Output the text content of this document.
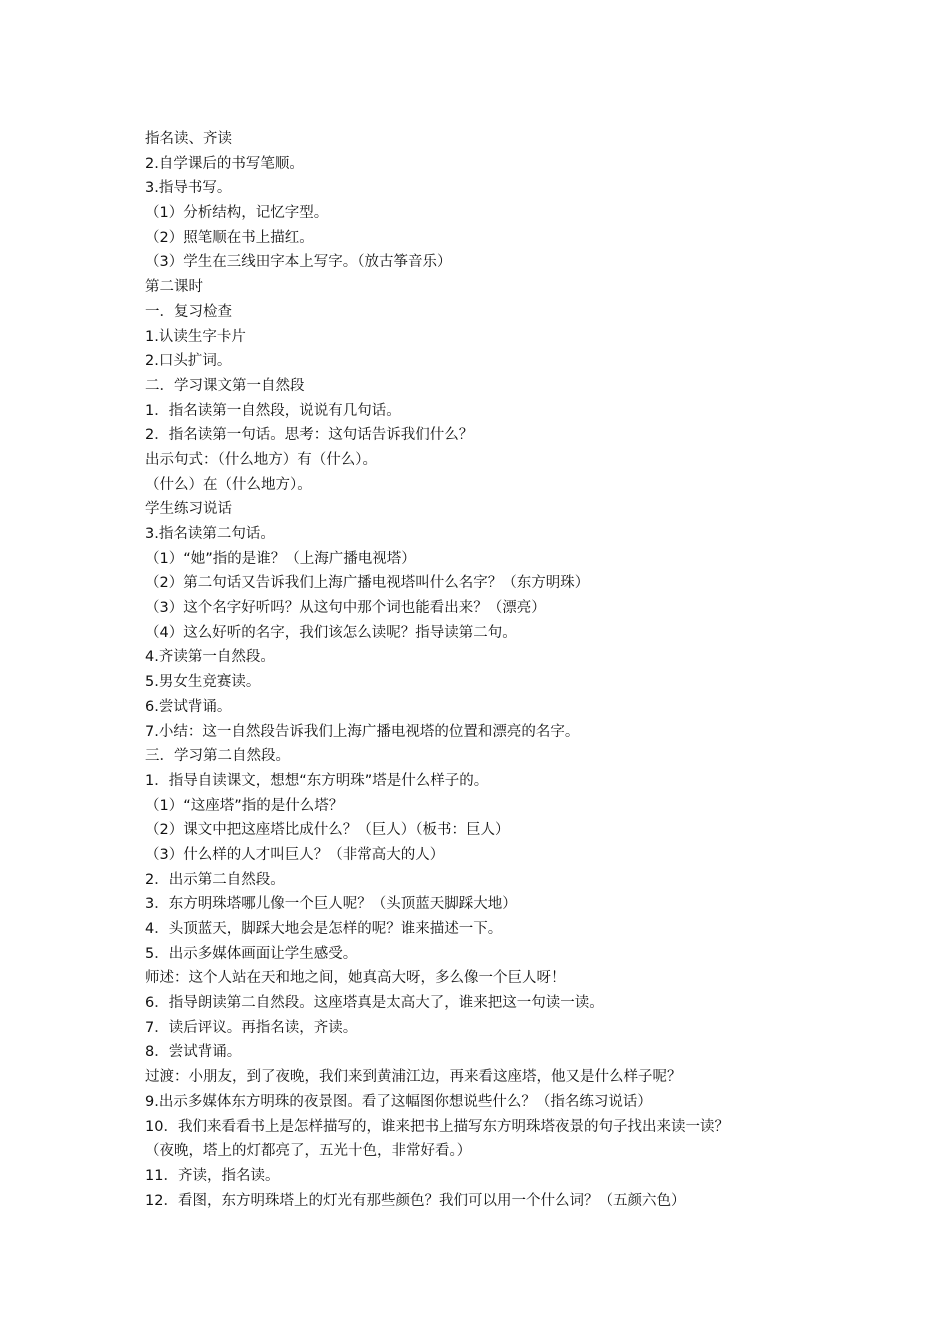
指名读、齐读
2.自学课后的书写笔顺。
3.指导书写。
（1）分析结构，记忆字型。
（2）照笔顺在书上描红。
（3）学生在三线田字本上写字。（放古筝音乐）
第二课时
一．复习检查
1.认读生字卡片
2.口头扩词。
二．学习课文第一自然段
1．指名读第一自然段，说说有几句话。
2．指名读第一句话。思考：这句话告诉我们什么？
出示句式：（什么地方）有（什么）。
（什么）在（什么地方）。
学生练习说话
3.指名读第二句话。
（1）“她”指的是谁？（上海广播电视塔）
（2）第二句话又告诉我们上海广播电视塔叫什么名字？（东方明珠）
（3）这个名字好听吗？从这句中那个词也能看出来？（漂亮）
（4）这么好听的名字，我们该怎么读呢？指导读第二句。
4.齐读第一自然段。
5.男女生竞赛读。
6.尝试背诵。
7.小结：这一自然段告诉我们上海广播电视塔的位置和漂亮的名字。
三．学习第二自然段。
1．指导自读课文，想想“东方明珠”塔是什么样子的。
（1）“这座塔”指的是什么塔？
（2）课文中把这座塔比成什么？（巨人）（板书：巨人）
（3）什么样的人才叫巨人？（非常高大的人）
2．出示第二自然段。
3．东方明珠塔哪儿像一个巨人呢？（头顶蓝天脚踩大地）
4．头顶蓝天，脚踩大地会是怎样的呢？谁来描述一下。
5．出示多媒体画面让学生感受。
师述：这个人站在天和地之间，她真高大呀，多么像一个巨人呀！
6．指导朗读第二自然段。这座塔真是太高大了，谁来把这一句读一读。
7．读后评议。再指名读，齐读。
8．尝试背诵。
过渡：小朋友，到了夜晚，我们来到黄浦江边，再来看这座塔，他又是什么样子呢？
9.出示多媒体东方明珠的夜景图。看了这幅图你想说些什么？（指名练习说话）
10．我们来看看书上是怎样描写的，谁来把书上描写东方明珠塔夜景的句子找出来读一读？
（夜晚，塔上的灯都亮了，五光十色，非常好看。）
11．齐读，指名读。
12．看图，东方明珠塔上的灯光有那些颜色？我们可以用一个什么词？（五颜六色）
